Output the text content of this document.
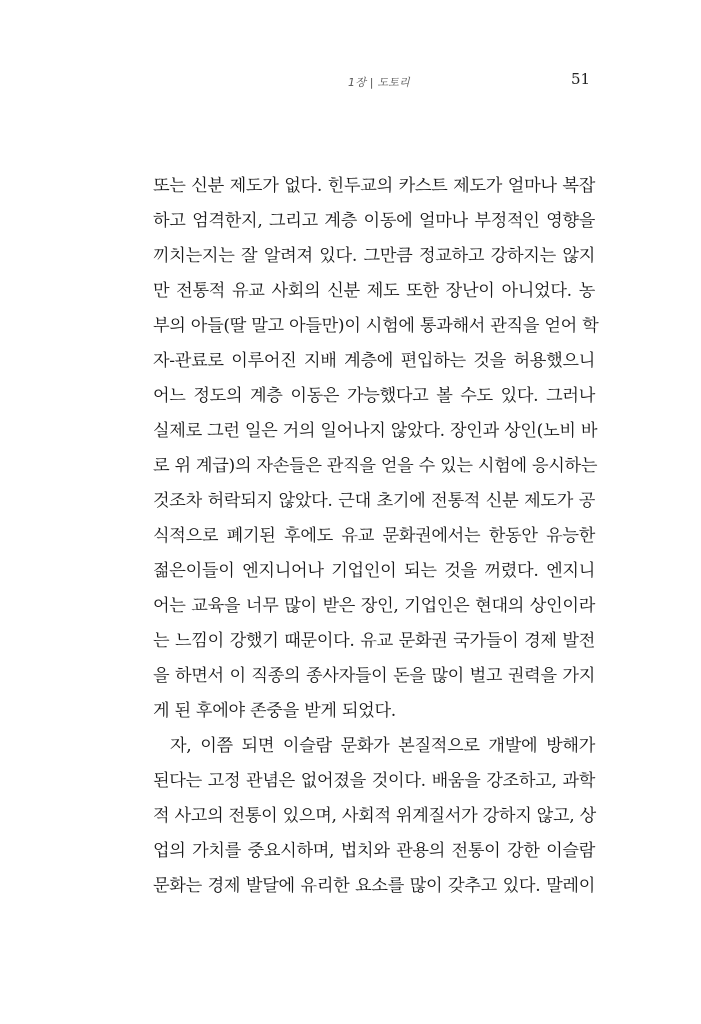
1장 | 도토리	51
또는 신분 제도가 없다. 힌두교의 카스트 제도가 얼마나 복잡
하고 엄격한지, 그리고 계층 이동에 얼마나 부정적인 영향을
끼치는지는 잘 알려져 있다. 그만큼 정교하고 강하지는 않지
만 전통적 유교 사회의 신분 제도 또한 장난이 아니었다. 농
부의 아들(딸 말고 아들만)이 시험에 통과해서 관직을 얻어 학
자-관료로 이루어진 지배 계층에 편입하는 것을 허용했으니
어느 정도의 계층 이동은 가능했다고 볼 수도 있다. 그러나
실제로 그런 일은 거의 일어나지 않았다. 장인과 상인(노비 바
로 위 계급)의 자손들은 관직을 얻을 수 있는 시험에 응시하는
것조차 허락되지 않았다. 근대 초기에 전통적 신분 제도가 공
식적으로 폐기된 후에도 유교 문화권에서는 한동안 유능한
젊은이들이 엔지니어나 기업인이 되는 것을 꺼렸다. 엔지니
어는 교육을 너무 많이 받은 장인, 기업인은 현대의 상인이라
는 느낌이 강했기 때문이다. 유교 문화권 국가들이 경제 발전
을 하면서 이 직종의 종사자들이 돈을 많이 벌고 권력을 가지
게 된 후에야 존중을 받게 되었다.
자, 이쯤 되면 이슬람 문화가 본질적으로 개발에 방해가
된다는 고정 관념은 없어졌을 것이다. 배움을 강조하고, 과학
적 사고의 전통이 있으며, 사회적 위계질서가 강하지 않고, 상
업의 가치를 중요시하며, 법치와 관용의 전통이 강한 이슬람
문화는 경제 발달에 유리한 요소를 많이 갖추고 있다. 말레이
